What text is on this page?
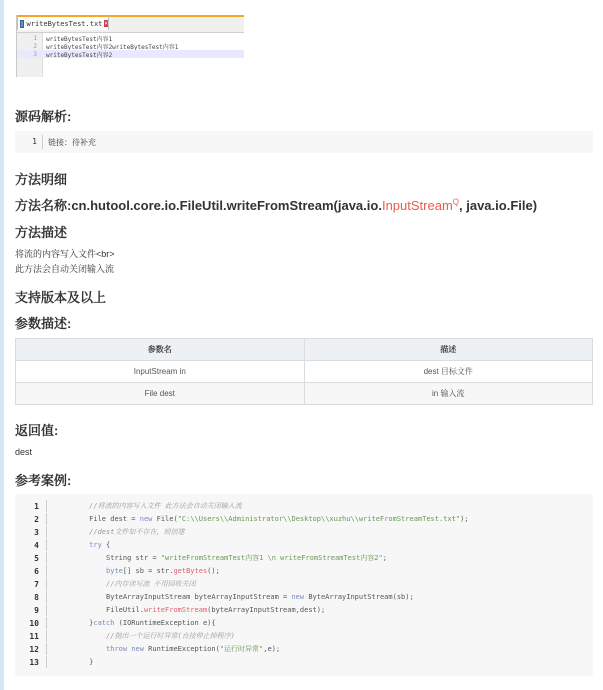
writeBytesTest.txt ×
1	writeBytesTest内容1
2	writeBytesTest内容2writeBytesTest内容1
3	writeBytesTest内容2
源码解析:
1 链接：待补充
方法明细
方法名称:cn.hutool.core.io.FileUtil.writeFromStream(java.io.InputStream$^Q$, java.io.File)
方法描述
将流的内容写入文件<br>
此方法会自动关闭输入流
支持版本及以上
参数描述:
参数名	描述
InputStream in	dest 目标文件
File dest	in 输入流
返回值:
dest
参考案例:
1	//将流的内容写入文件 此方法会自动关闭输入流
2	File dest = new File("C:\\Users\\Administrator\\Desktop\\xuzhu\\writeFromStreamTest.txt");
3	//dest文件如不存在，则创建
4	try {
5	String str = "writeFromStreamTest内容1 \n writeFromStreamTest内容2";
6	byte[] sb = str.getBytes();
7	//内存读写流 不用回收关闭
8	ByteArrayInputStream byteArrayInputStream = new ByteArrayInputStream(sb);
9	FileUtil.writeFromStream(byteArrayInputStream,dest);
10	}catch (IORuntimeException e){
11	//抛出一个运行时异常(直接停止掉程序)
12	throw new RuntimeException("运行时异常",e);
13	}
